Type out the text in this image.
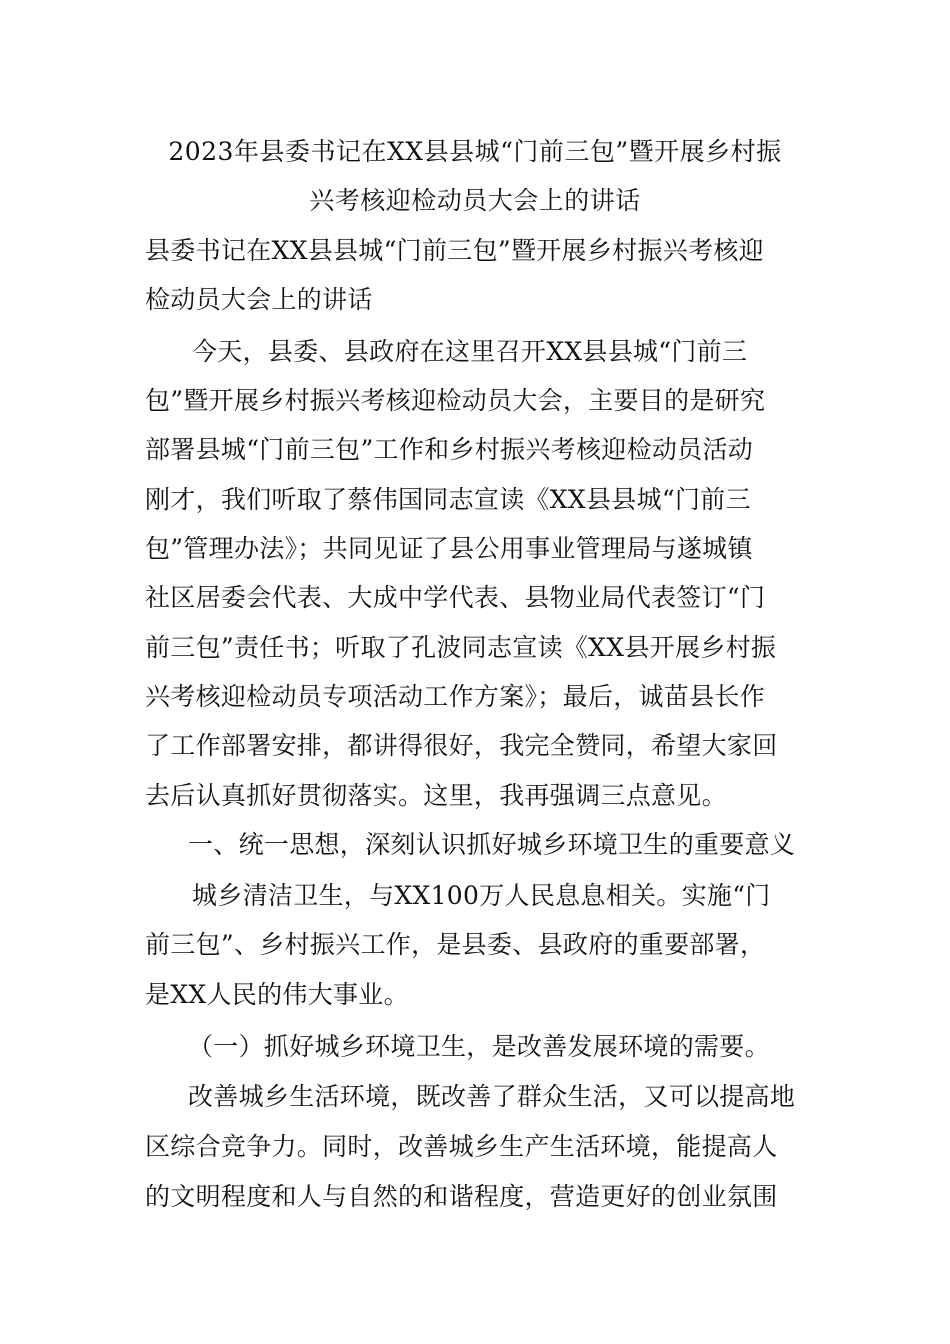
2023年县委书记在XX县县城“门前三包”暨开展乡村振
兴考核迎检动员大会上的讲话
县委书记在XX县县城“门前三包”暨开展乡村振兴考核迎
检动员大会上的讲话
今天，县委、县政府在这里召开XX县县城“门前三
包”暨开展乡村振兴考核迎检动员大会，主要目的是研究
部署县城“门前三包”工作和乡村振兴考核迎检动员活动
刚才，我们听取了蔡伟国同志宣读《XX县县城“门前三
包”管理办法》；共同见证了县公用事业管理局与遂城镇
社区居委会代表、大成中学代表、县物业局代表签订“门
前三包”责任书；听取了孔波同志宣读《XX县开展乡村振
兴考核迎检动员专项活动工作方案》；最后，诚苗县长作
了工作部署安排，都讲得很好，我完全赞同，希望大家回
去后认真抓好贯彻落实。这里，我再强调三点意见。
一、统一思想，深刻认识抓好城乡环境卫生的重要意义
城乡清洁卫生，与XX100万人民息息相关。实施“门
前三包”、乡村振兴工作，是县委、县政府的重要部署，
是XX人民的伟大事业。
（一）抓好城乡环境卫生，是改善发展环境的需要。
改善城乡生活环境，既改善了群众生活，又可以提高地
区综合竞争力。同时，改善城乡生产生活环境，能提高人
的文明程度和人与自然的和谐程度，营造更好的创业氛围
